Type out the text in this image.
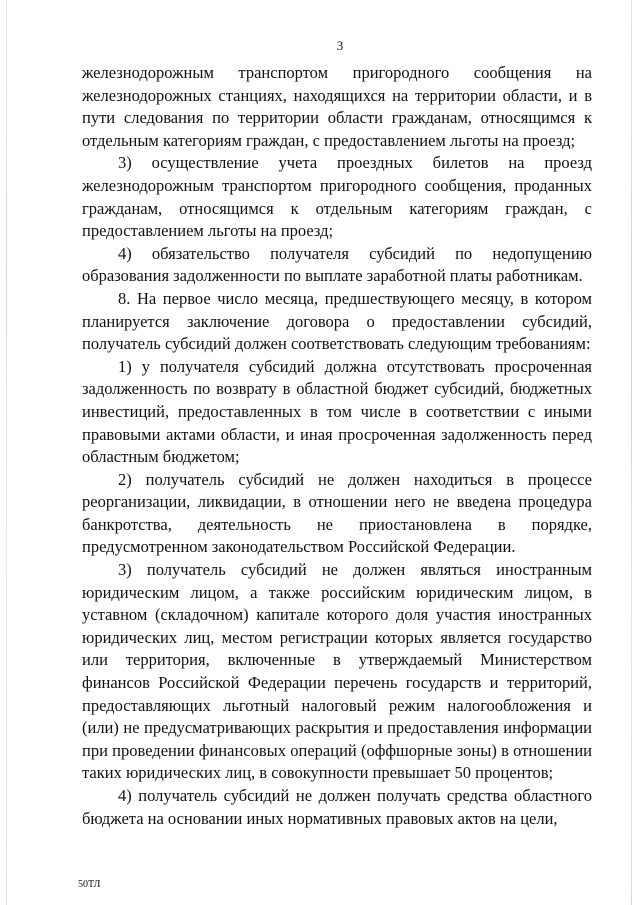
3

железнодорожным транспортом пригородного сообщения на железнодорожных станциях, находящихся на территории области, и в пути следования по территории области гражданам, относящимся к отдельным категориям граждан, с предоставлением льготы на проезд;

3) осуществление учета проездных билетов на проезд железнодорожным транспортом пригородного сообщения, проданных гражданам, относящимся к отдельным категориям граждан, с предоставлением льготы на проезд;

4) обязательство получателя субсидий по недопущению образования задолженности по выплате заработной платы работникам.

8. На первое число месяца, предшествующего месяцу, в котором планируется заключение договора о предоставлении субсидий, получатель субсидий должен соответствовать следующим требованиям:

1) у получателя субсидий должна отсутствовать просроченная задолженность по возврату в областной бюджет субсидий, бюджетных инвестиций, предоставленных в том числе в соответствии с иными правовыми актами области, и иная просроченная задолженность перед областным бюджетом;

2) получатель субсидий не должен находиться в процессе реорганизации, ликвидации, в отношении него не введена процедура банкротства, деятельность не приостановлена в порядке, предусмотренном законодательством Российской Федерации.

3) получатель субсидий не должен являться иностранным юридическим лицом, а также российским юридическим лицом, в уставном (складочном) капитале которого доля участия иностранных юридических лиц, местом регистрации которых является государство или территория, включенные в утверждаемый Министерством финансов Российской Федерации перечень государств и территорий, предоставляющих льготный налоговый режим налогообложения и (или) не предусматривающих раскрытия и предоставления информации при проведении финансовых операций (оффшорные зоны) в отношении таких юридических лиц, в совокупности превышает 50 процентов;

4) получатель субсидий не должен получать средства областного бюджета на основании иных нормативных правовых актов на цели,

50ТЛ
